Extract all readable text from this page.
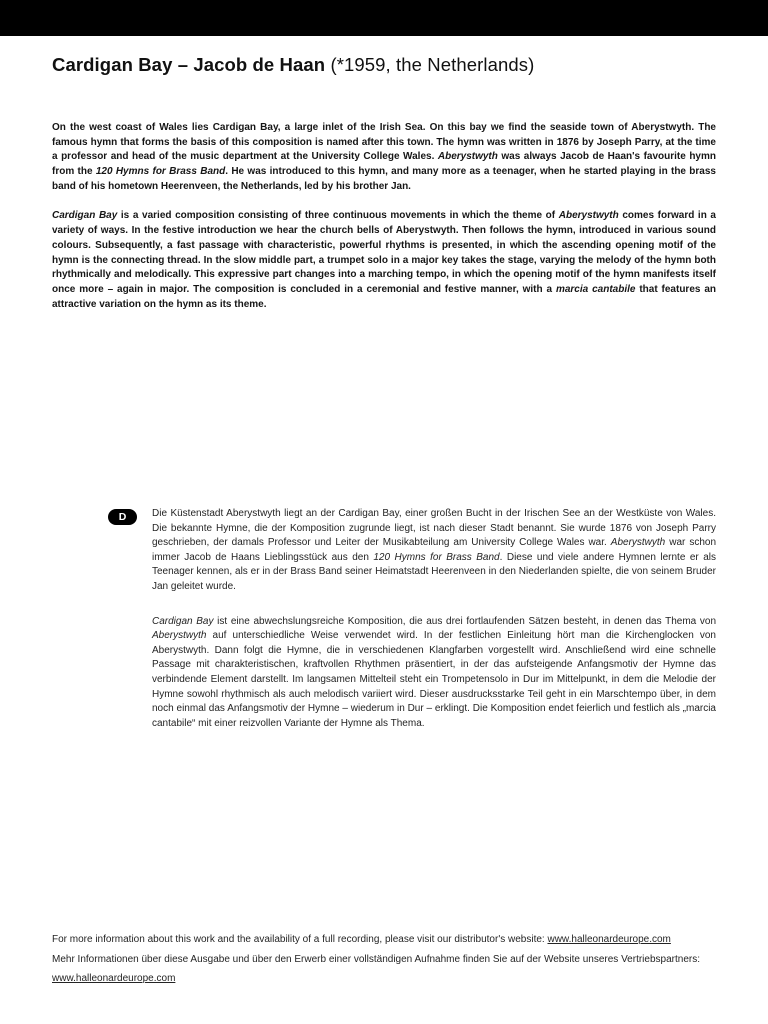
Cardigan Bay – Jacob de Haan (*1959, the Netherlands)

On the west coast of Wales lies Cardigan Bay, a large inlet of the Irish Sea. On this bay we find the seaside town of Aberystwyth. The famous hymn that forms the basis of this composition is named after this town. The hymn was written in 1876 by Joseph Parry, at the time a professor and head of the music department at the University College Wales. Aberystwyth was always Jacob de Haan's favourite hymn from the 120 Hymns for Brass Band. He was introduced to this hymn, and many more as a teenager, when he started playing in the brass band of his hometown Heerenveen, the Netherlands, led by his brother Jan.

Cardigan Bay is a varied composition consisting of three continuous movements in which the theme of Aberystwyth comes forward in a variety of ways. In the festive introduction we hear the church bells of Aberystwyth. Then follows the hymn, introduced in various sound colours. Subsequently, a fast passage with characteristic, powerful rhythms is presented, in which the ascending opening motif of the hymn is the connecting thread. In the slow middle part, a trumpet solo in a major key takes the stage, varying the melody of the hymn both rhythmically and melodically. This expressive part changes into a marching tempo, in which the opening motif of the hymn manifests itself once more – again in major. The composition is concluded in a ceremonial and festive manner, with a marcia cantabile that features an attractive variation on the hymn as its theme.

D	Die Küstenstadt Aberystwyth liegt an der Cardigan Bay, einer großen Bucht in der Irischen See an der Westküste von Wales. Die bekannte Hymne, die der Komposition zugrunde liegt, ist nach dieser Stadt benannt. Sie wurde 1876 von Joseph Parry geschrieben, der damals Professor und Leiter der Musikabteilung am University College Wales war. Aberystwyth war schon immer Jacob de Haans Lieblingsstück aus den 120 Hymns for Brass Band. Diese und viele andere Hymnen lernte er als Teenager kennen, als er in der Brass Band seiner Heimatstadt Heerenveen in den Niederlanden spielte, die von seinem Bruder Jan geleitet wurde.

Cardigan Bay ist eine abwechslungsreiche Komposition, die aus drei fortlaufenden Sätzen besteht, in denen das Thema von Aberystwyth auf unterschiedliche Weise verwendet wird. In der festlichen Einleitung hört man die Kirchenglocken von Aberystwyth. Dann folgt die Hymne, die in verschiedenen Klangfarben vorgestellt wird. Anschließend wird eine schnelle Passage mit charakteristischen, kraftvollen Rhythmen präsentiert, in der das aufsteigende Anfangsmotiv der Hymne das verbindende Element darstellt. Im langsamen Mittelteil steht ein Trompetensolo in Dur im Mittelpunkt, in dem die Melodie der Hymne sowohl rhythmisch als auch melodisch variiert wird. Dieser ausdrucksstarke Teil geht in ein Marschtempo über, in dem noch einmal das Anfangsmotiv der Hymne – wiederum in Dur – erklingt. Die Komposition endet feierlich und festlich als „marcia cantabile“ mit einer reizvollen Variante der Hymne als Thema.

For more information about this work and the availability of a full recording, please visit our distributor's website: www.halleonardeurope.com

Mehr Informationen über diese Ausgabe und über den Erwerb einer vollständigen Aufnahme finden Sie auf der Website unseres Vertriebspartners:

www.halleonardeurope.com
